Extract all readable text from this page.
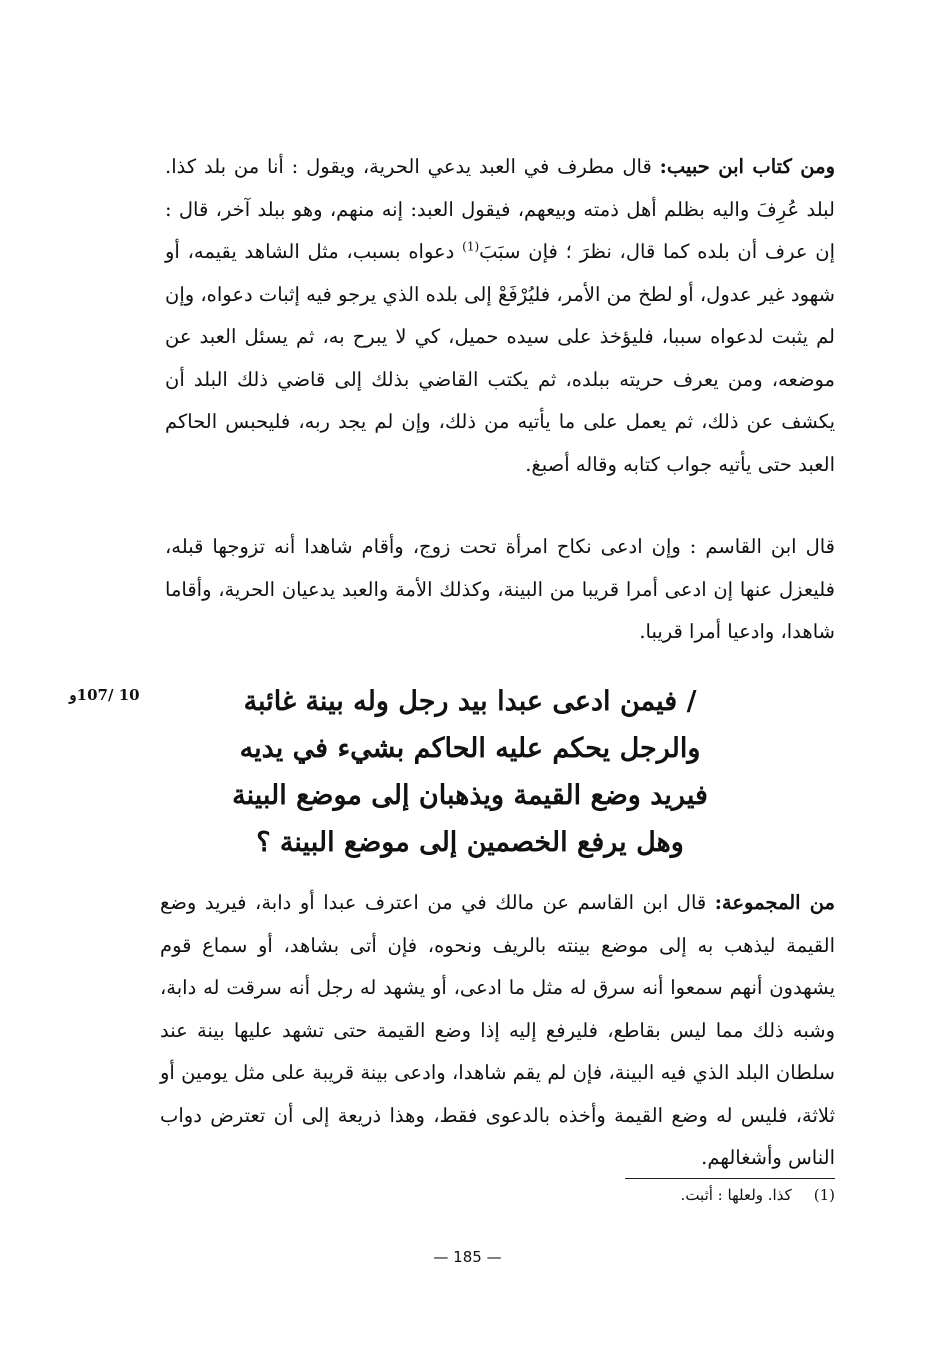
ومن كتاب ابن حبيب: قال مطرف في العبد يدعي الحرية، ويقول : أنا من بلد كذا. لبلد عُرِفَ واليه بظلم أهل ذمته وبيعهم، فيقول العبد: إنه منهم، وهو ببلد آخر، قال : إن عرف أن بلده كما قال، نظرَ ؛ فإن سبَبَ$^{(1)}$ دعواه بسبب، مثل الشاهد يقيمه، أو شهود غير عدول، أو لطخ من الأمر، فليُرْفَعْ إلى بلده الذي يرجو فيه إثبات دعواه، وإن لم يثبت لدعواه سببا، فليؤخذ على سيده حميل، كي لا يبرح به، ثم يسئل العبد عن موضعه، ومن يعرف حريته ببلده، ثم يكتب القاضي بذلك إلى قاضي ذلك البلد أن يكشف عن ذلك، ثم يعمل على ما يأتيه من ذلك، وإن لم يجد ربه، فليحبس الحاكم العبد حتى يأتيه جواب كتابه وقاله أصبغ.

قال ابن القاسم : وإن ادعى نكاح امرأة تحت زوج، وأقام شاهدا أنه تزوجها قبله، فليعزل عنها إن ادعى أمرا قريبا من البينة، وكذلك الأمة والعبد يدعيان الحرية، وأقاما شاهدا، وادعيا أمرا قريبا.

10 /107و	/ فيمن ادعى عبدا بيد رجل وله بينة غائبة
والرجل يحكم عليه الحاكم بشيء في يديه
فيريد وضع القيمة ويذهبان إلى موضع البينة
وهل يرفع الخصمين إلى موضع البينة ؟

من المجموعة: قال ابن القاسم عن مالك في من اعترف عبدا أو دابة، فيريد وضع القيمة ليذهب به إلى موضع بينته بالريف ونحوه، فإن أتى بشاهد، أو سماع قوم يشهدون أنهم سمعوا أنه سرق له مثل ما ادعى، أو يشهد له رجل أنه سرقت له دابة، وشبه ذلك مما ليس بقاطع، فليرفع إليه إذا وضع القيمة حتى تشهد عليها بينة عند سلطان البلد الذي فيه البينة، فإن لم يقم شاهدا، وادعى بينة قريبة على مثل يومين أو ثلاثة، فليس له وضع القيمة وأخذه بالدعوى فقط، وهذا ذريعة إلى أن تعترض دواب الناس وأشغالهم.

(1)كذا. ولعلها : أثبت.
— 185 —
